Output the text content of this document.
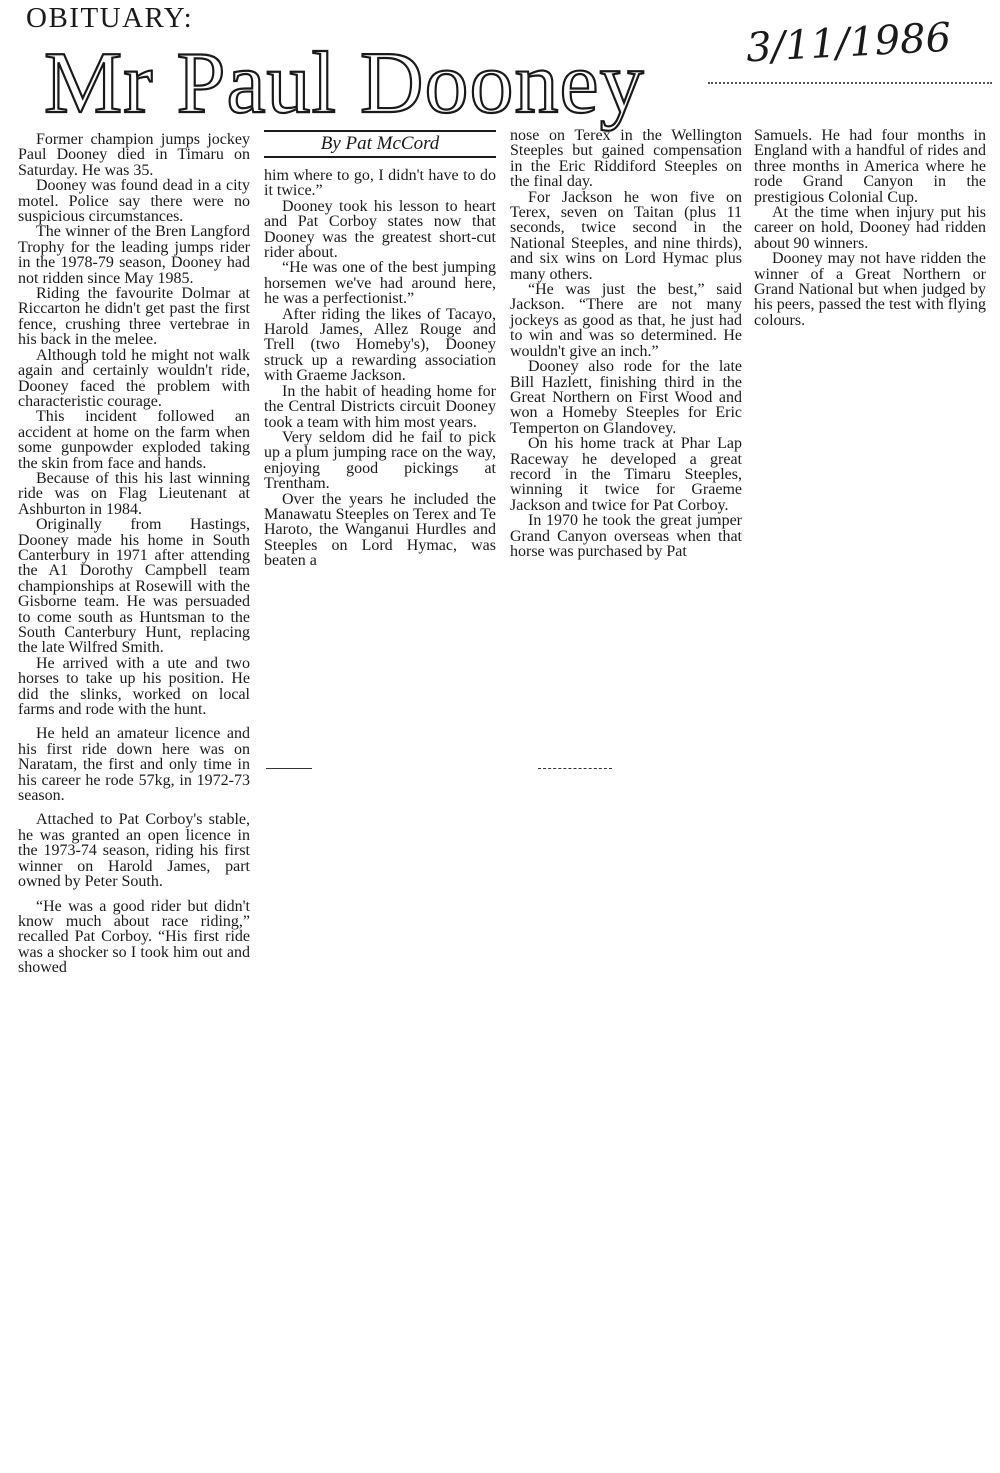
OBITUARY:
Mr Paul Dooney	3/11/1986
By Pat McCord

Former champion jumps jockey Paul Dooney died in Timaru on Saturday. He was 35.

Dooney was found dead in a city motel. Police say there were no suspicious circumstances.

The winner of the Bren Langford Trophy for the leading jumps rider in the 1978-79 season, Dooney had not ridden since May 1985.

Riding the favourite Dolmar at Riccarton he didn't get past the first fence, crushing three vertebrae in his back in the melee.

Although told he might not walk again and certainly wouldn't ride, Dooney faced the problem with characteristic courage.

This incident followed an accident at home on the farm when some gunpowder exploded taking the skin from face and hands.

Because of this his last winning ride was on Flag Lieutenant at Ashburton in 1984.

Originally from Hastings, Dooney made his home in South Canterbury in 1971 after attending the A1 Dorothy Campbell team championships at Rosewill with the Gisborne team. He was persuaded to come south as Huntsman to the South Canterbury Hunt, replacing the late Wilfred Smith.

He arrived with a ute and two horses to take up his position. He did the slinks, worked on local farms and rode with the hunt.

He held an amateur licence and his first ride down here was on Naratam, the first and only time in his career he rode 57kg, in 1972-73 season.

Attached to Pat Corboy's stable, he was granted an open licence in the 1973-74 season, riding his first winner on Harold James, part owned by Peter South.

“He was a good rider but didn't know much about race riding,” recalled Pat Corboy. “His first ride was a shocker so I took him out and showed

him where to go, I didn't have to do it twice.”

Dooney took his lesson to heart and Pat Corboy states now that Dooney was the greatest short-cut rider about.

“He was one of the best jumping horsemen we've had around here, he was a perfectionist.”

After riding the likes of Tacayo, Harold James, Allez Rouge and Trell (two Homeby's), Dooney struck up a rewarding association with Graeme Jackson.

In the habit of heading home for the Central Districts circuit Dooney took a team with him most years.

Very seldom did he fail to pick up a plum jumping race on the way, enjoying good pickings at Trentham.

Over the years he included the Manawatu Steeples on Terex and Te Haroto, the Wanganui Hurdles and Steeples on Lord Hymac, was beaten a

nose on Terex in the Wellington Steeples but gained compensation in the Eric Riddiford Steeples on the final day.

For Jackson he won five on Terex, seven on Taitan (plus 11 seconds, twice second in the National Steeples, and nine thirds), and six wins on Lord Hymac plus many others.

“He was just the best,” said Jackson. “There are not many jockeys as good as that, he just had to win and was so determined. He wouldn't give an inch.”

Dooney also rode for the late Bill Hazlett, finishing third in the Great Northern on First Wood and won a Homeby Steeples for Eric Temperton on Glandovey.

On his home track at Phar Lap Raceway he developed a great record in the Timaru Steeples, winning it twice for Graeme Jackson and twice for Pat Corboy.

In 1970 he took the great jumper Grand Canyon overseas when that horse was purchased by Pat

Samuels. He had four months in England with a handful of rides and three months in America where he rode Grand Canyon in the prestigious Colonial Cup.

At the time when injury put his career on hold, Dooney had ridden about 90 winners.

Dooney may not have ridden the winner of a Great Northern or Grand National but when judged by his peers, passed the test with flying colours.
